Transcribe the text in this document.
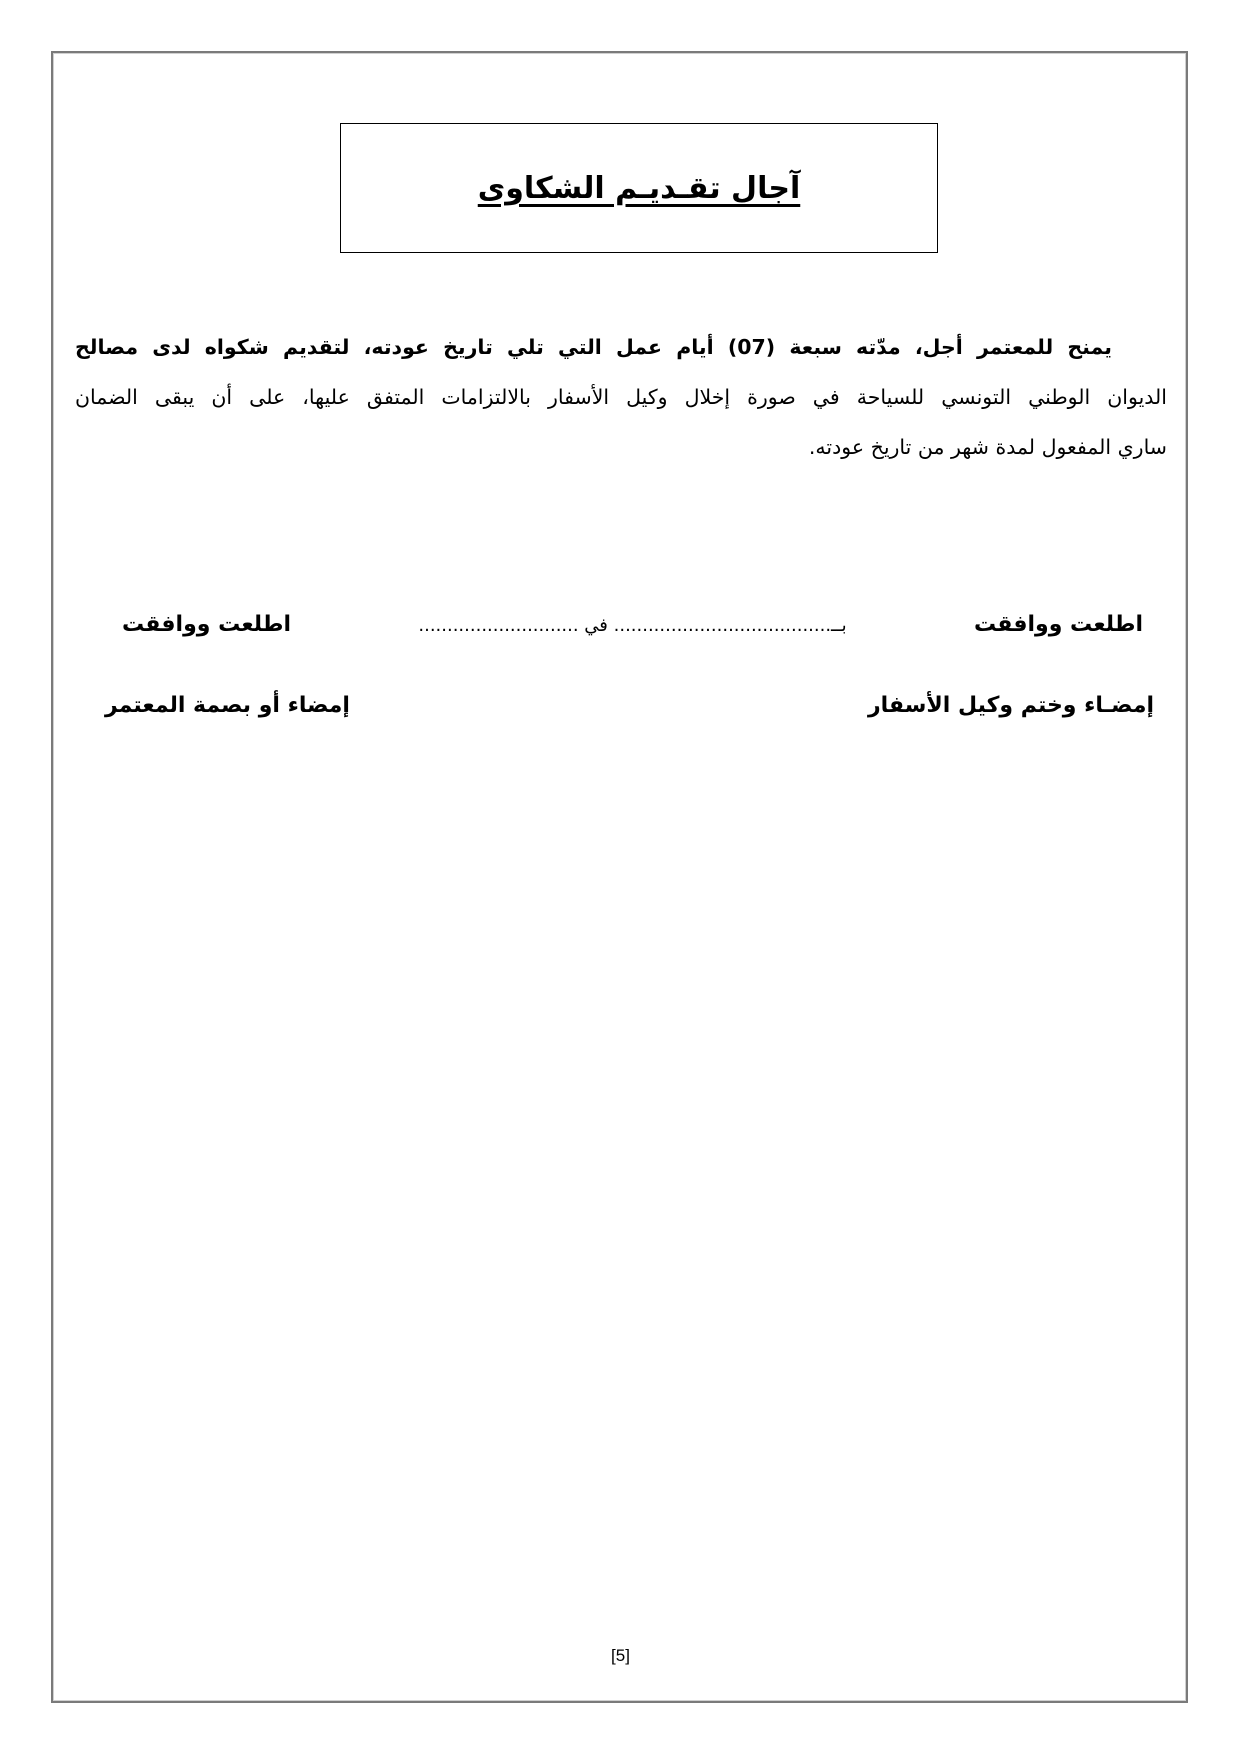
آجال تقـديـم الشكاوى
يمنح للمعتمر أجل، مدّته سبعة (07) أيام عمل التي تلي تاريخ عودته، لتقديم شكواه لدى مصالح
الديوان الوطني التونسي للسياحة في صورة إخلال وكيل الأسفار بالالتزامات المتفق عليها، على أن يبقى الضمان
ساري المفعول لمدة شهر من تاريخ عودته.
اطلعت ووافقت
بــ...................................... في ............................
اطلعت ووافقت
إمضـاء وختم وكيل الأسفار
إمضاء أو بصمة المعتمر
[5]
